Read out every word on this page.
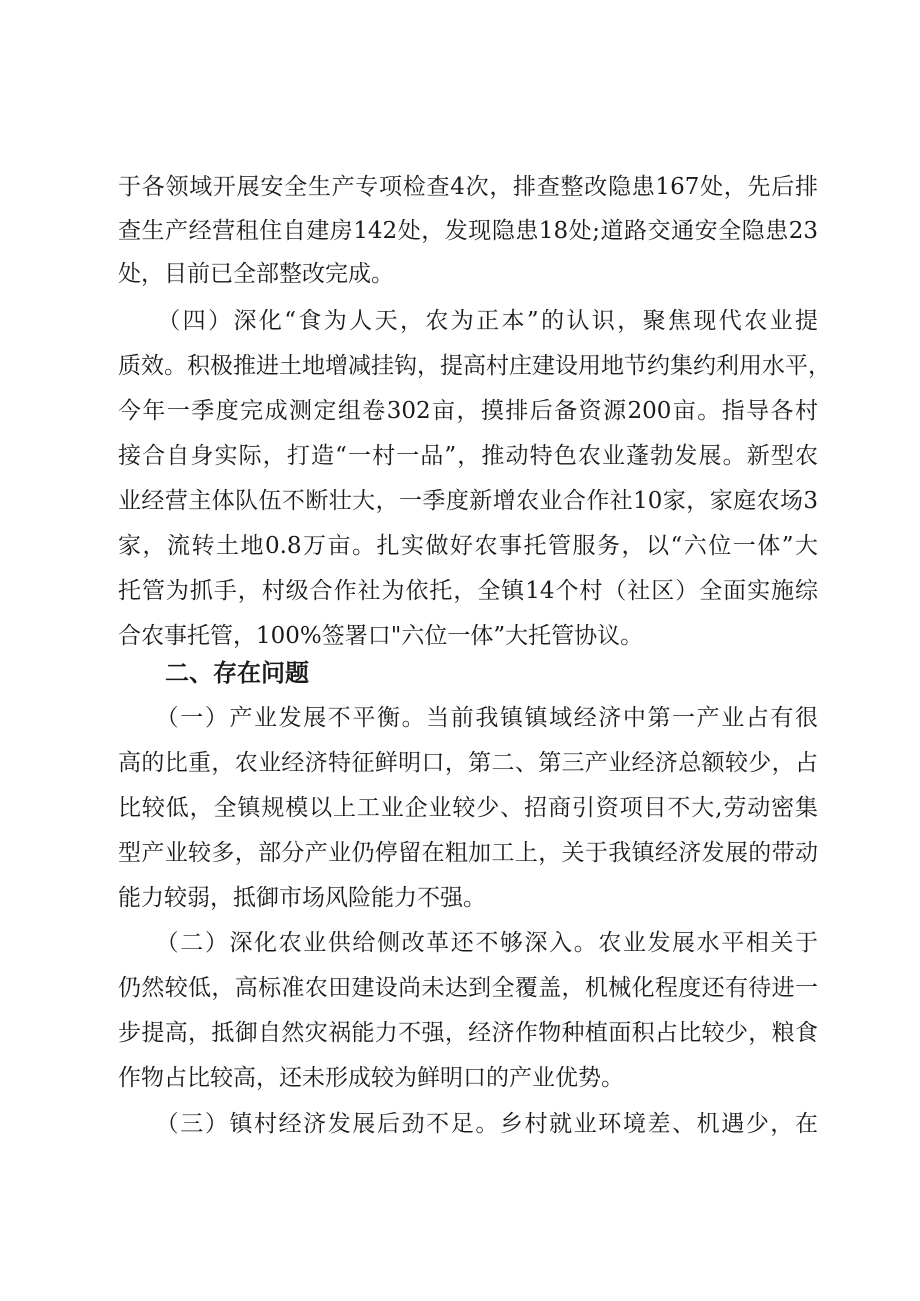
于各领域开展安全生产专项检查4次，排查整改隐患167处，先后排
查生产经营租住自建房142处，发现隐患18处;道路交通安全隐患23
处，目前已全部整改完成。
　　（四）深化“食为人天，农为正本”的认识，聚焦现代农业提
质效。积极推进土地增减挂钩，提高村庄建设用地节约集约利用水平，
今年一季度完成测定组卷302亩，摸排后备资源200亩。指导各村
接合自身实际，打造“一村一品”，推动特色农业蓬勃发展。新型农
业经营主体队伍不断壮大，一季度新增农业合作社10家，家庭农场3
家，流转土地0.8万亩。扎实做好农事托管服务，以“六位一体”大
托管为抓手，村级合作社为依托，全镇14个村（社区）全面实施综
合农事托管，100%签署口"六位一体”大托管协议。
二、存在问题
　　（一）产业发展不平衡。当前我镇镇域经济中第一产业占有很
高的比重，农业经济特征鲜明口，第二、第三产业经济总额较少，占
比较低，全镇规模以上工业企业较少、招商引资项目不大,劳动密集
型产业较多，部分产业仍停留在粗加工上，关于我镇经济发展的带动
能力较弱，抵御市场风险能力不强。
　　（二）深化农业供给侧改革还不够深入。农业发展水平相关于
仍然较低，高标准农田建设尚未达到全覆盖，机械化程度还有待进一
步提高，抵御自然灾祸能力不强，经济作物种植面积占比较少，粮食
作物占比较高，还未形成较为鲜明口的产业优势。
　　（三）镇村经济发展后劲不足。乡村就业环境差、机遇少，在
